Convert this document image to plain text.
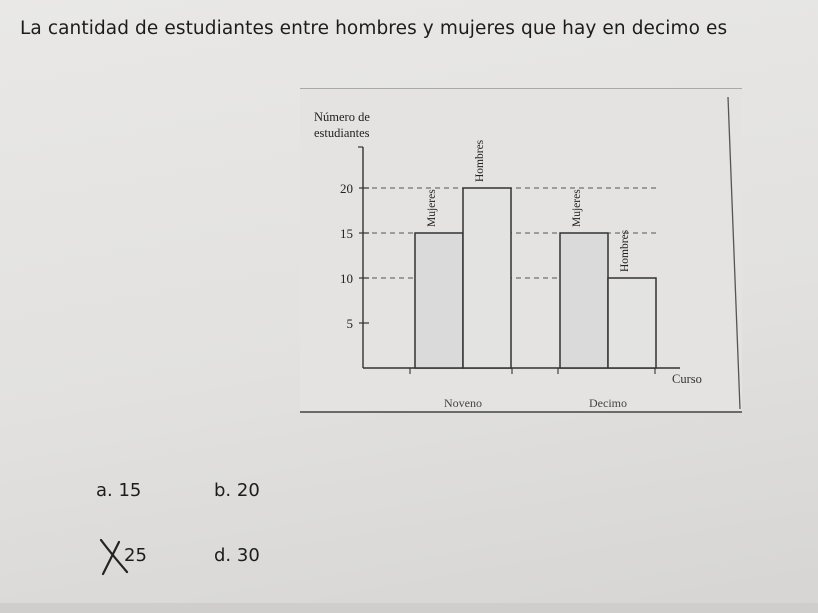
La cantidad de estudiantes entre hombres y mujeres que hay en decimo es

Número de
estudiantes
5
10
15
20
Mujeres
Hombres
Noveno
Mujeres
Hombres
Decimo
Curso
a. 15	b. 20
25	d. 30
